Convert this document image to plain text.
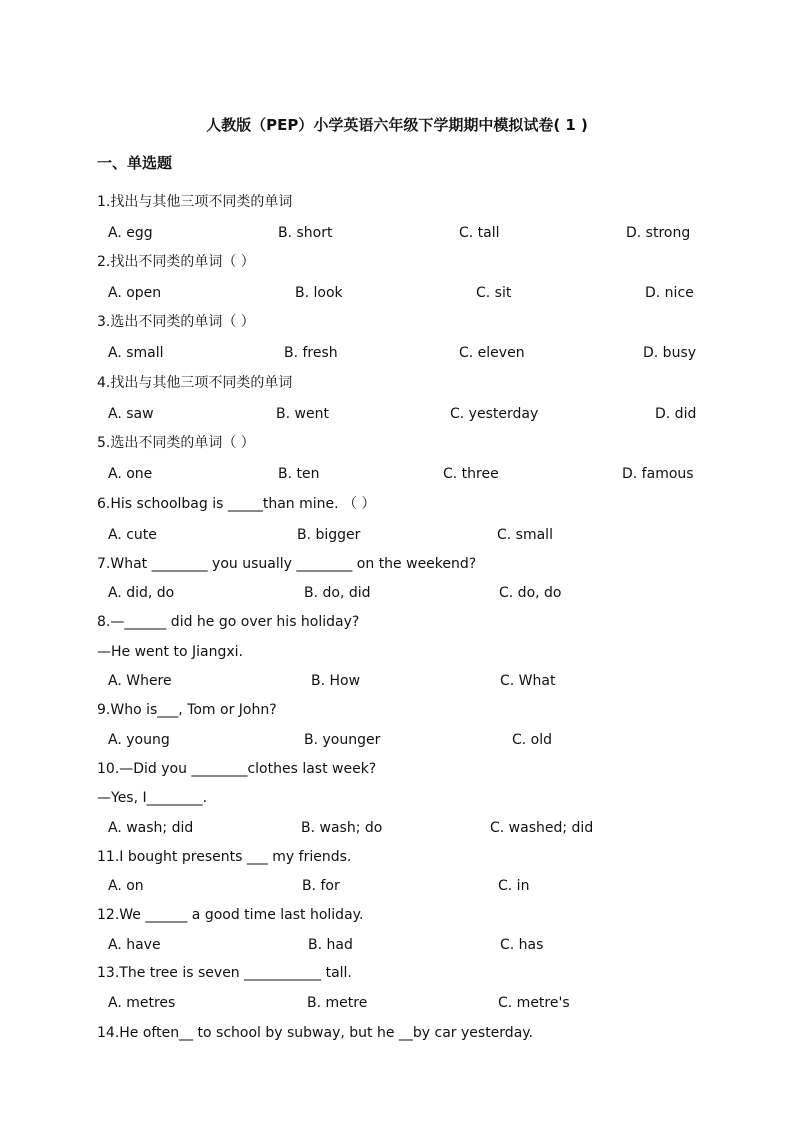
人教版（PEP）小学英语六年级下学期期中模拟试卷( 1 )
一、单选题
1.找出与其他三项不同类的单词
A. egg	B. short	C. tall	D. strong
2.找出不同类的单词（ ）
A. open	B. look	C. sit	D. nice
3.选出不同类的单词（ ）
A. small	B. fresh	C. eleven	D. busy
4.找出与其他三项不同类的单词
A. saw	B. went	C. yesterday	D. did
5.选出不同类的单词（ ）
A. one	B. ten	C. three	D. famous
6.His schoolbag is _____than mine. （ ）
A. cute	B. bigger	C. small
7.What ________ you usually ________ on the weekend?
A. did, do	B. do, did	C. do, do
8.—______ did he go over his holiday?
—He went to Jiangxi.
A. Where	B. How	C. What
9.Who is___, Tom or John?
A. young	B. younger	C. old
10.—Did you ________clothes last week?
—Yes, I________.
A. wash; did	B. wash; do	C. washed; did
11.I bought presents ___ my friends.
A. on	B. for	C. in
12.We ______ a good time last holiday.
A. have	B. had	C. has
13.The tree is seven ___________ tall.
A. metres	B. metre	C. metre's
14.He often__ to school by subway, but he __by car yesterday.
